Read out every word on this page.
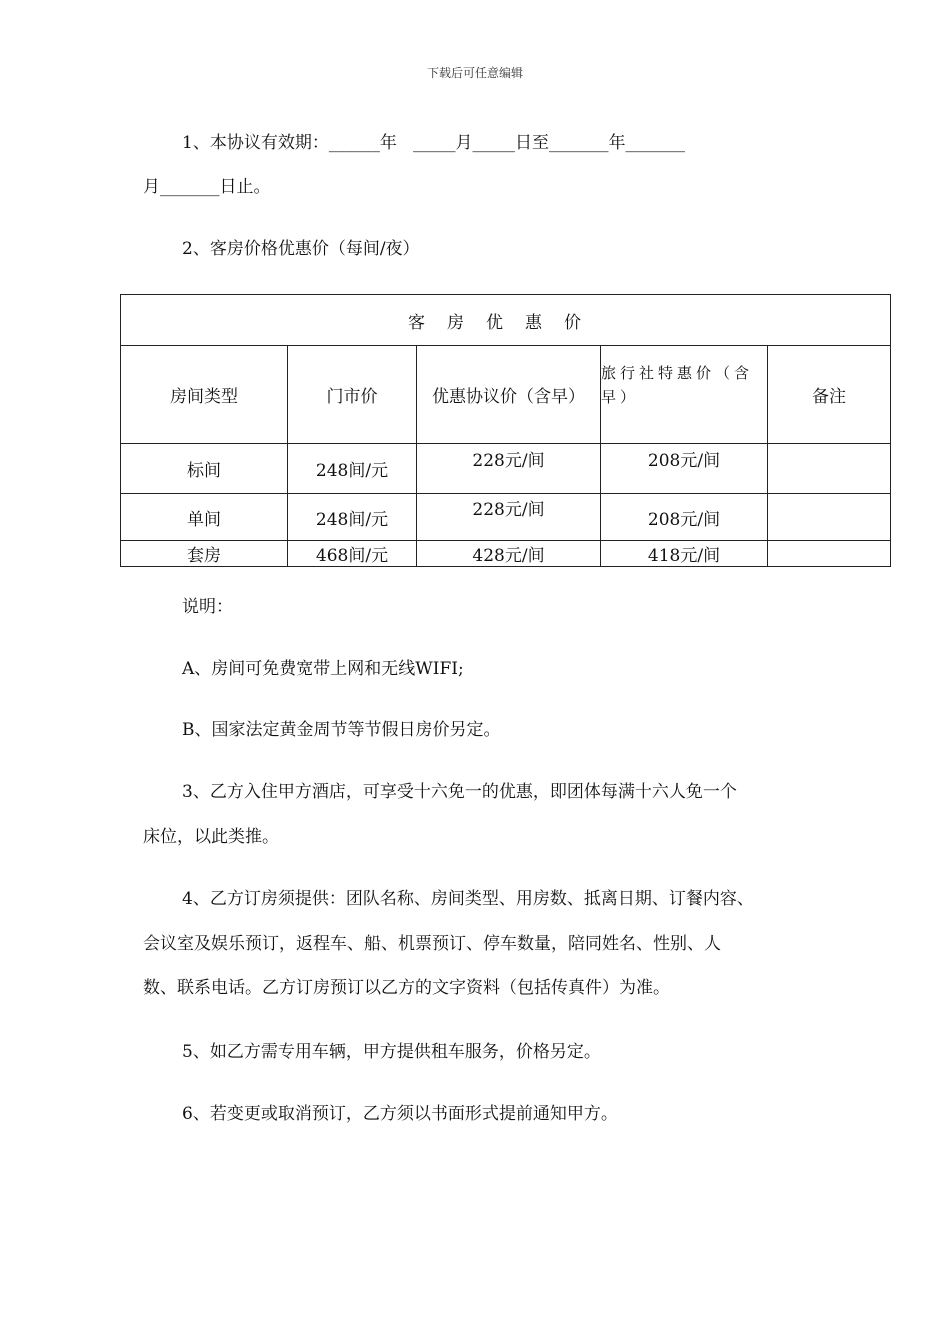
下载后可任意编辑
1、本协议有效期：______年   _____月_____日至_______年_______
月_______日止。
2、客房价格优惠价（每间/夜）
客房优惠价				
房间类型	门市价	优惠协议价（含早）	旅行社特惠价（含早）	备注
标间	248间/元	228元/间	208元/间	
单间	248间/元	228元/间	208元/间	
套房	468间/元	428元/间	418元/间	
说明：
A、房间可免费宽带上网和无线WIFI;
B、国家法定黄金周节等节假日房价另定。
3、乙方入住甲方酒店，可享受十六免一的优惠，即团体每满十六人免一个
床位，以此类推。
4、乙方订房须提供：团队名称、房间类型、用房数、抵离日期、订餐内容、
会议室及娱乐预订，返程车、船、机票预订、停车数量，陪同姓名、性别、人
数、联系电话。乙方订房预订以乙方的文字资料（包括传真件）为准。
5、如乙方需专用车辆，甲方提供租车服务，价格另定。
6、若变更或取消预订，乙方须以书面形式提前通知甲方。
